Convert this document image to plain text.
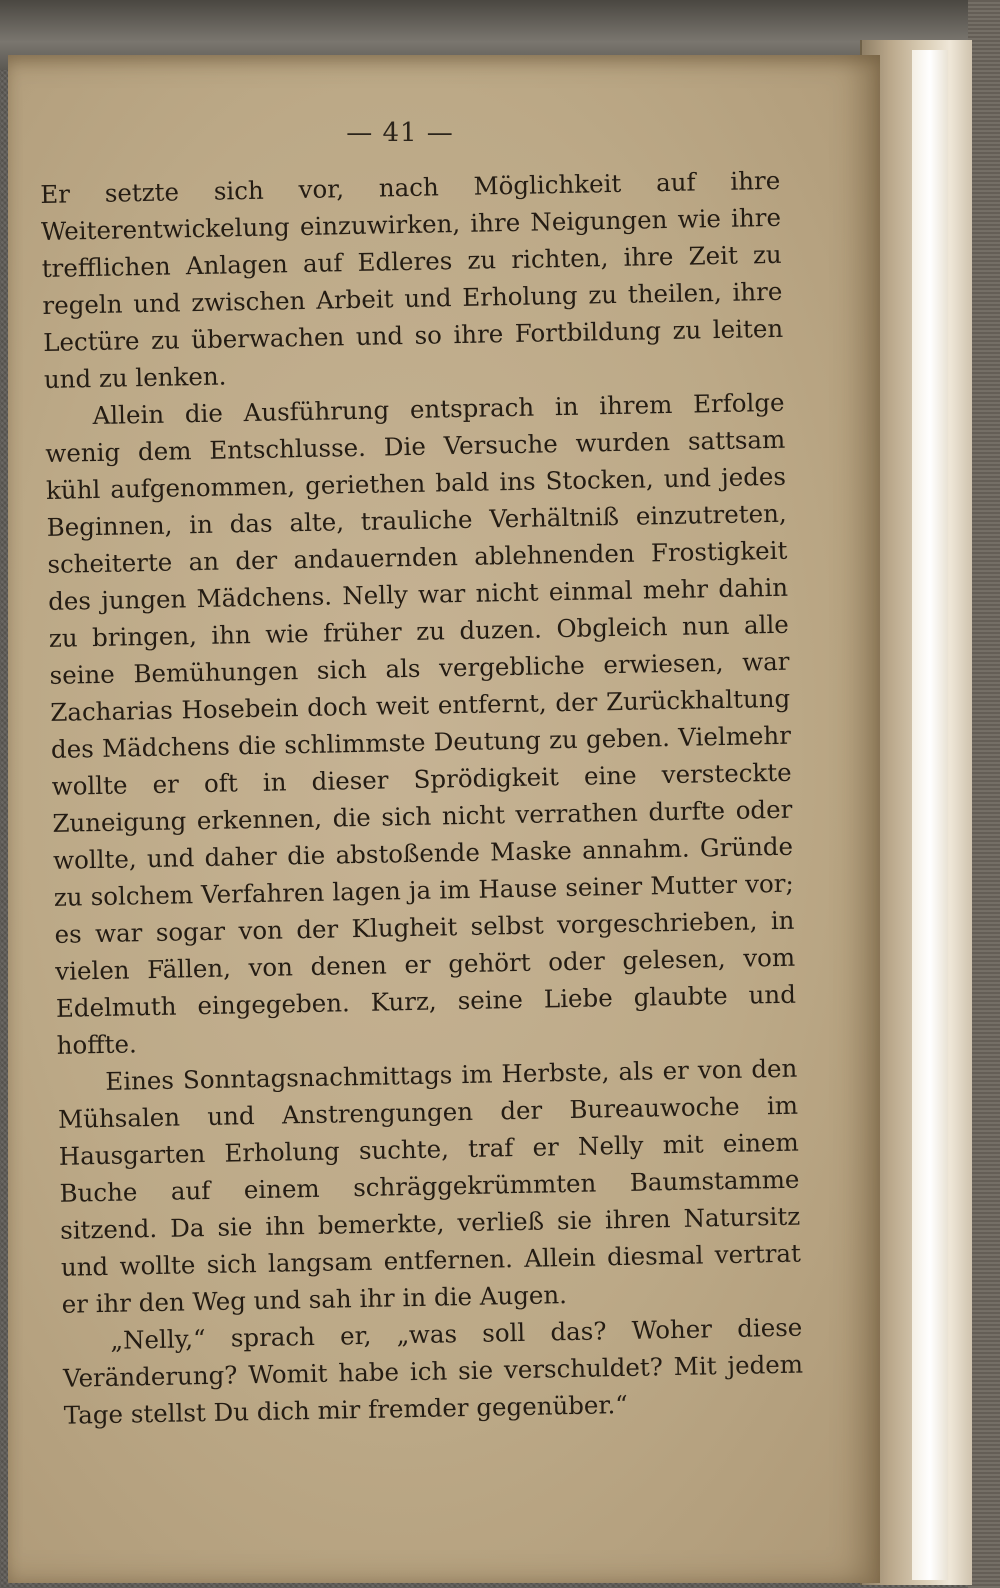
— 41 —

Er setzte sich vor, nach Möglichkeit auf ihre Weiterentwickelung einzuwirken, ihre Neigungen wie ihre trefflichen Anlagen auf Edleres zu richten, ihre Zeit zu regeln und zwischen Arbeit und Erholung zu theilen, ihre Lectüre zu überwachen und so ihre Fortbildung zu leiten und zu lenken.

Allein die Ausführung entsprach in ihrem Erfolge wenig dem Entschlusse. Die Versuche wurden sattsam kühl aufgenommen, geriethen bald ins Stocken, und jedes Beginnen, in das alte, trauliche Verhältniß einzutreten, scheiterte an der andauernden ablehnenden Frostigkeit des jungen Mädchens. Nelly war nicht einmal mehr dahin zu bringen, ihn wie früher zu duzen. Obgleich nun alle seine Bemühungen sich als vergebliche erwiesen, war Zacharias Hosebein doch weit entfernt, der Zurückhaltung des Mädchens die schlimmste Deutung zu geben. Vielmehr wollte er oft in dieser Sprödigkeit eine versteckte Zuneigung erkennen, die sich nicht verrathen durfte oder wollte, und daher die abstoßende Maske annahm. Gründe zu solchem Verfahren lagen ja im Hause seiner Mutter vor; es war sogar von der Klugheit selbst vorgeschrieben, in vielen Fällen, von denen er gehört oder gelesen, vom Edelmuth eingegeben. Kurz, seine Liebe glaubte und hoffte.

Eines Sonntagsnachmittags im Herbste, als er von den Mühsalen und Anstrengungen der Bureauwoche im Hausgarten Erholung suchte, traf er Nelly mit einem Buche auf einem schräggekrümmten Baumstamme sitzend. Da sie ihn bemerkte, verließ sie ihren Natursitz und wollte sich langsam entfernen. Allein diesmal vertrat er ihr den Weg und sah ihr in die Augen.

„Nelly,“ sprach er, „was soll das? Woher diese Veränderung? Womit habe ich sie verschuldet? Mit jedem Tage stellst Du dich mir fremder gegenüber.“
